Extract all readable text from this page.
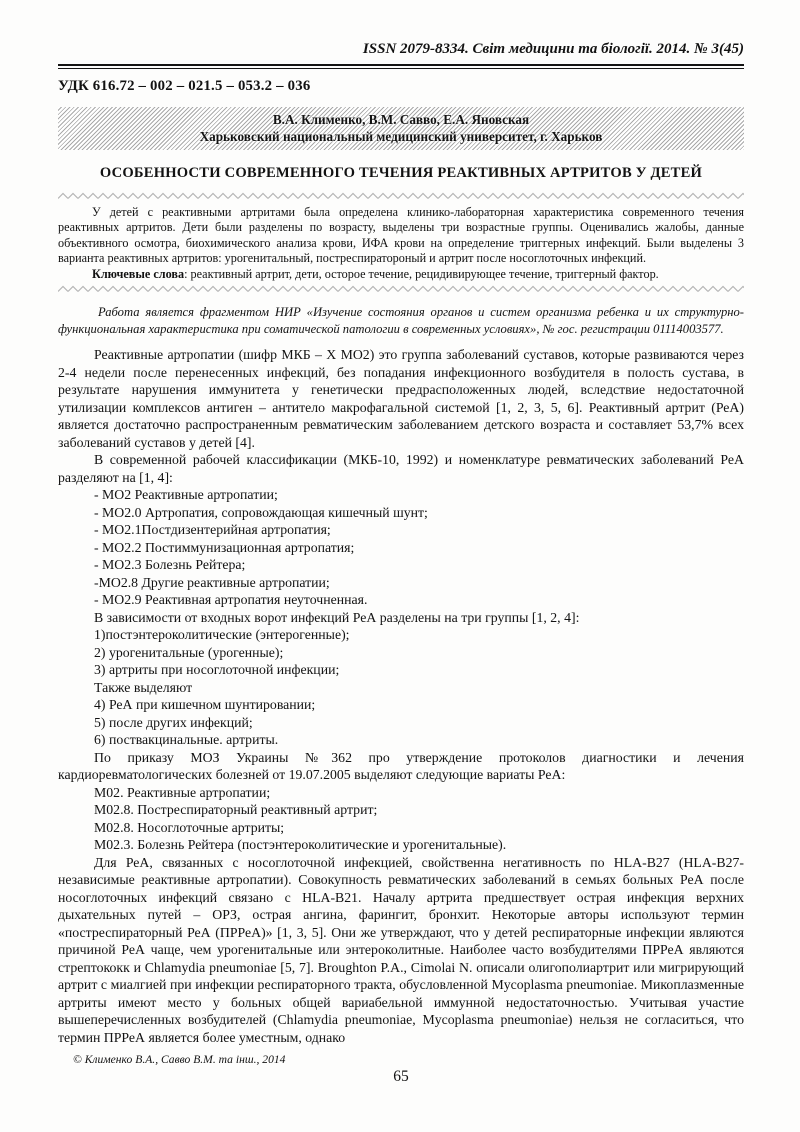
ISSN 2079-8334. Світ медицини та біології. 2014. № 3(45)
УДК 616.72 – 002 – 021.5 – 053.2 – 036
В.А. Клименко, В.М. Савво, Е.А. Яновская
Харьковский национальный медицинский университет, г. Харьков
ОСОБЕННОСТИ СОВРЕМЕННОГО ТЕЧЕНИЯ РЕАКТИВНЫХ АРТРИТОВ У ДЕТЕЙ
У детей с реактивными артритами была определена клинико-лабораторная характеристика современного течения реактивных артритов. Дети были разделены по возрасту, выделены три возрастные группы. Оценивались жалобы, данные объективного осмотра, биохимического анализа крови, ИФА крови на определение триггерных инфекций. Были выделены 3 варианта реактивных артритов: урогенитальный, постреспиратороный и артрит после носоглоточных инфекций.
Ключевые слова: реактивный артрит, дети, осторое течение, рецидивирующее течение, триггерный фактор.
Работа является фрагментом НИР «Изучение состояния органов и систем организма ребенка и их структурно-функциональная характеристика при соматической патологии в современных условиях», № гос. регистрации 01114003577.
Реактивные артропатии (шифр МКБ – Х МО2) это группа заболеваний суставов, которые развиваются через 2-4 недели после перенесенных инфекций, без попадания инфекционного возбудителя в полость сустава, в результате нарушения иммунитета у генетически предрасположенных людей, вследствие недостаточной утилизации комплексов антиген – антитело макрофагальной системой [1, 2, 3, 5, 6]. Реактивный артрит (РеА) является достаточно распространенным ревматическим заболеванием детского возраста и составляет 53,7% всех заболеваний суставов у детей [4].
В современной рабочей классификации (МКБ-10, 1992) и номенклатуре ревматических заболеваний РеА разделяют на [1, 4]:
- МО2 Реактивные артропатии;
- МО2.0 Артропатия, сопровождающая кишечный шунт;
- МО2.1Постдизентерийная артропатия;
- МО2.2 Постиммунизационная артропатия;
- МО2.3 Болезнь Рейтера;
-МО2.8 Другие реактивные артропатии;
- МО2.9 Реактивная артропатия неуточненная.
В зависимости от входных ворот инфекций РеА разделены на три группы [1, 2, 4]:
1)постэнтероколитические (энтерогенные);
2) урогенитальные (урогенные);
3) артриты при носоглоточной инфекции;
Также выделяют
4) РеА при кишечном шунтировании;
5) после других инфекций;
6) поствакцинальные. артриты.
По приказу МОЗ Украины №362 про утверждение протоколов диагностики и лечения кардиоревматологических болезней от 19.07.2005 выделяют следующие вариаты РеА:
М02. Реактивные артропатии;
М02.8. Постреспираторный реактивный артрит;
М02.8. Носоглоточные артриты;
М02.3. Болезнь Рейтера (постэнтероколитические и урогенитальные).
Для РеА, связанных с носоглоточной инфекцией, свойственна негативность по HLA-B27 (HLA-B27-независимые реактивные артропатии). Совокупность ревматических заболеваний в семьях больных РеА после носоглоточных инфекций связано с HLA-B21. Началу артрита предшествует острая инфекция верхних дыхательных путей – ОРЗ, острая ангина, фарингит, бронхит. Некоторые авторы используют термин «постреспираторный РеА (ПРРеА)» [1, 3, 5]. Они же утверждают, что у детей респираторные инфекции являются причиной РеА чаще, чем урогенитальные или энтероколитные. Наиболее часто возбудителями ПРРеА являются стрептококк и Chlamydia pneumoniae [5, 7]. Broughton P.A., Cimolai N. описали олигополиартрит или мигрирующий артрит с миалгией при инфекции респираторного тракта, обусловленной Mycoplasma pneumoniae. Микоплазменные артриты имеют место у больных общей вариабельной иммунной недостаточностью. Учитывая участие вышеперечисленных возбудителей (Chlamydia pneumoniae, Mycoplasma pneumoniae) нельзя не согласиться, что термин ПРРеА является более уместным, однако
© Клименко В.А., Савво В.М. та інш., 2014
65
